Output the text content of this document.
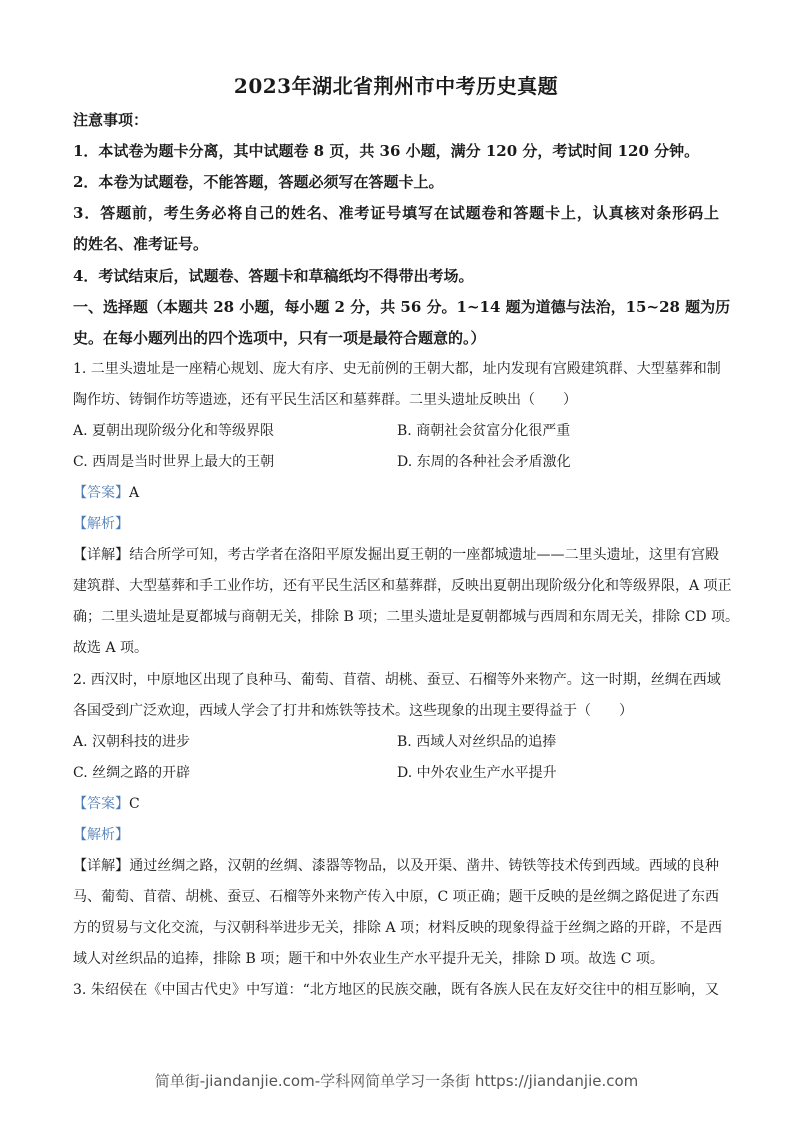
2023年湖北省荆州市中考历史真题
注意事项：
1．本试卷为题卡分离，其中试题卷 8 页，共 36 小题，满分 120 分，考试时间 120 分钟。
2．本卷为试题卷，不能答题，答题必须写在答题卡上。
3．答题前，考生务必将自己的姓名、准考证号填写在试题卷和答题卡上，认真核对条形码上
的姓名、准考证号。
4．考试结束后，试题卷、答题卡和草稿纸均不得带出考场。
一、选择题（本题共 28 小题，每小题 2 分，共 56 分。1~14 题为道德与法治，15~28 题为历
史。在每小题列出的四个选项中，只有一项是最符合题意的。）
1. 二里头遗址是一座精心规划、庞大有序、史无前例的王朝大都，址内发现有宫殿建筑群、大型墓葬和制
陶作坊、铸铜作坊等遗迹，还有平民生活区和墓葬群。二里头遗址反映出（　　）
A. 夏朝出现阶级分化和等级界限	B. 商朝社会贫富分化很严重
C. 西周是当时世界上最大的王朝	D. 东周的各种社会矛盾激化
【答案】A
【解析】
【详解】结合所学可知，考古学者在洛阳平原发掘出夏王朝的一座都城遗址——二里头遗址，这里有宫殿
建筑群、大型墓葬和手工业作坊，还有平民生活区和墓葬群，反映出夏朝出现阶级分化和等级界限，A 项正
确；二里头遗址是夏都城与商朝无关，排除 B 项；二里头遗址是夏朝都城与西周和东周无关，排除 CD 项。
故选 A 项。
2. 西汉时，中原地区出现了良种马、葡萄、苜蓿、胡桃、蚕豆、石榴等外来物产。这一时期，丝绸在西域
各国受到广泛欢迎，西域人学会了打井和炼铁等技术。这些现象的出现主要得益于（　　）
A. 汉朝科技的进步	B. 西域人对丝织品的追捧
C. 丝绸之路的开辟	D. 中外农业生产水平提升
【答案】C
【解析】
【详解】通过丝绸之路，汉朝的丝绸、漆器等物品，以及开渠、凿井、铸铁等技术传到西域。西域的良种
马、葡萄、苜蓿、胡桃、蚕豆、石榴等外来物产传入中原，C 项正确；题干反映的是丝绸之路促进了东西
方的贸易与文化交流，与汉朝科举进步无关，排除 A 项；材料反映的现象得益于丝绸之路的开辟，不是西
域人对丝织品的追捧，排除 B 项；题干和中外农业生产水平提升无关，排除 D 项。故选 C 项。
3. 朱绍侯在《中国古代史》中写道：“北方地区的民族交融，既有各族人民在友好交往中的相互影响，又
简单街-jiandanjie.com-学科网简单学习一条街 https://jiandanjie.com
